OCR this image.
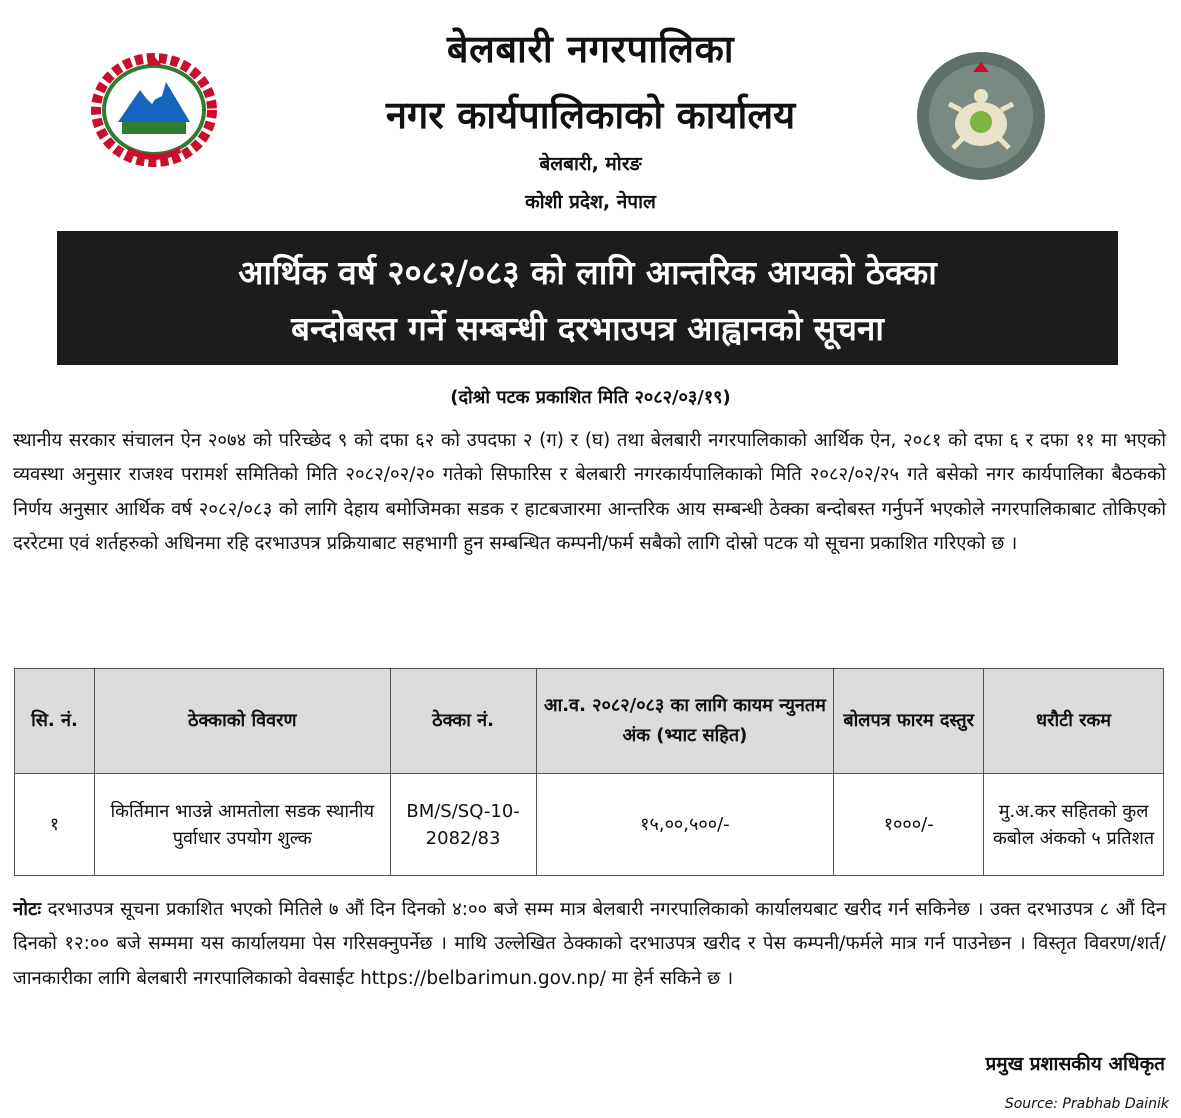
बेलबारी नगरपालिका
नगर कार्यपालिकाको कार्यालय
बेलबारी, मोरङ
कोशी प्रदेश, नेपाल
आर्थिक वर्ष २०८२/०८३ को लागि आन्तरिक आयको ठेक्का
बन्दोबस्त गर्ने सम्बन्धी दरभाउपत्र आह्वानको सूचना
(दोश्रो पटक प्रकाशित मिति २०८२/०३/१९)
स्थानीय सरकार संचालन ऐन २०७४ को परिच्छेद ९ को दफा ६२ को उपदफा २ (ग) र (घ) तथा बेलबारी नगरपालिकाको आर्थिक ऐन, २०८१ को दफा ६ र दफा ११ मा भएको व्यवस्था अनुसार राजश्व परामर्श समितिको मिति २०८२/०२/२० गतेको सिफारिस र बेलबारी नगरकार्यपालिकाको मिति २०८२/०२/२५ गते बसेको नगर कार्यपालिका बैठकको निर्णय अनुसार आर्थिक वर्ष २०८२/०८३ को लागि देहाय बमोजिमका सडक र हाटबजारमा आन्तरिक आय सम्बन्धी ठेक्का बन्दोबस्त गर्नुपर्ने भएकोले नगरपालिकाबाट तोकिएको दररेटमा एवं शर्तहरुको अधिनमा रहि दरभाउपत्र प्रक्रियाबाट सहभागी हुन सम्बन्धित कम्पनी/फर्म सबैको लागि दोस्रो पटक यो सूचना प्रकाशित गरिएको छ ।
सि. नं.	ठेक्काको विवरण	ठेक्का नं.	आ.व. २०८२/०८३ का लागि कायम न्युनतम अंक (भ्याट सहित)	बोलपत्र फारम दस्तुर	धरौटी रकम
१	किर्तिमान भाउन्ने आमतोला सडक स्थानीय पुर्वाधार उपयोग शुल्क	BM/S/SQ-10-2082/83	१५,००,५००/-	१०००/-	मु.अ.कर सहितको कुल कबोल अंकको ५ प्रतिशत
नोटः दरभाउपत्र सूचना प्रकाशित भएको मितिले ७ औं दिन दिनको ४:०० बजे सम्म मात्र बेलबारी नगरपालिकाको कार्यालयबाट खरीद गर्न सकिनेछ । उक्त दरभाउपत्र ८ औं दिन दिनको १२:०० बजे सम्ममा यस कार्यालयमा पेस गरिसक्नुपर्नेछ । माथि उल्लेखित ठेक्काको दरभाउपत्र खरीद र पेस कम्पनी/फर्मले मात्र गर्न पाउनेछन । विस्तृत विवरण/शर्त/जानकारीका लागि बेलबारी नगरपालिकाको वेवसाईट https://belbarimun.gov.np/ मा हेर्न सकिने छ ।
प्रमुख प्रशासकीय अधिकृत
Source: Prabhab Dainik
